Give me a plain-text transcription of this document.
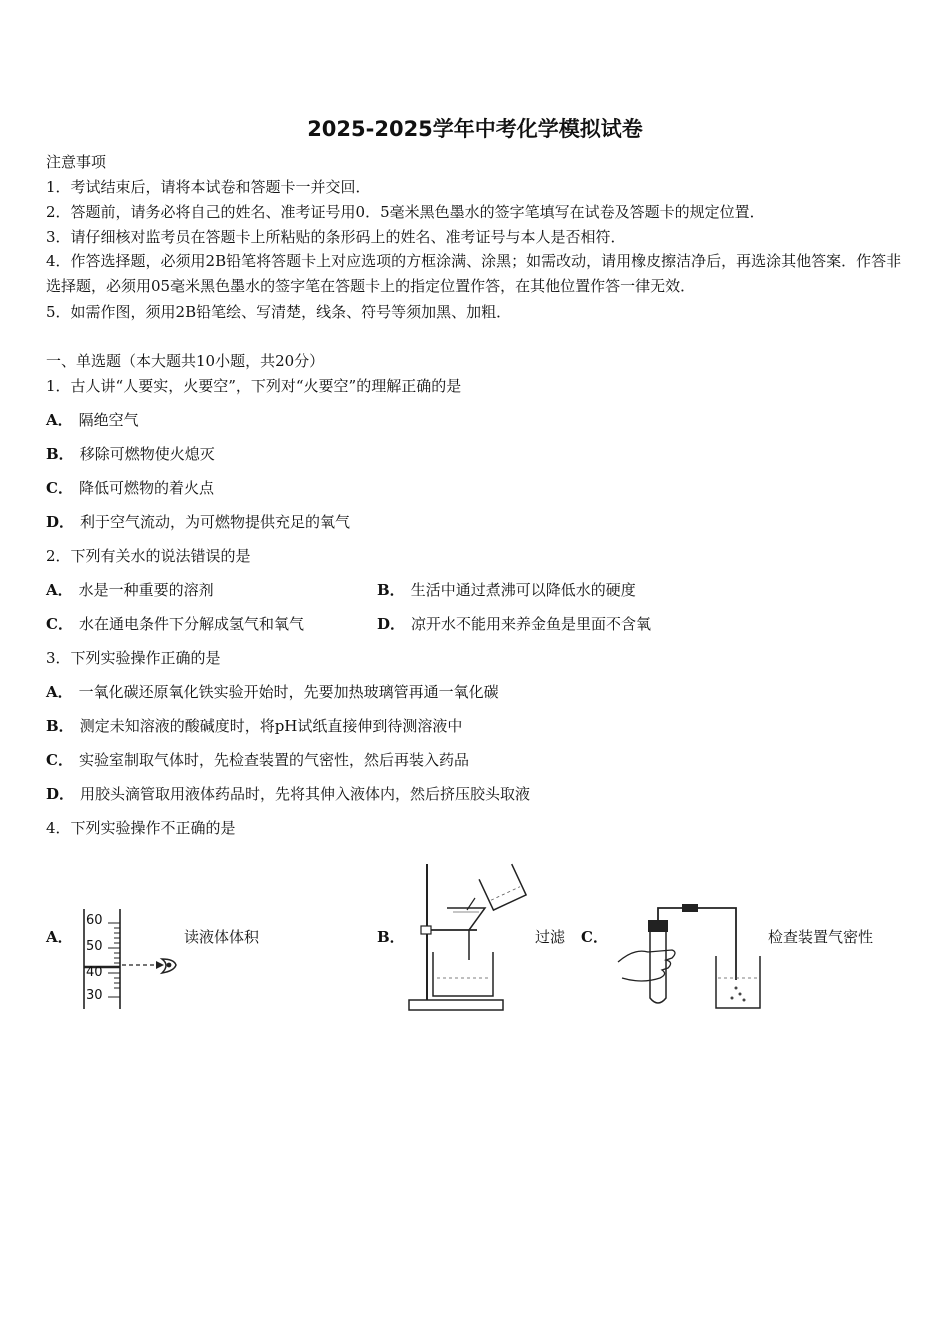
2025-2025学年中考化学模拟试卷
注意事项
1．考试结束后，请将本试卷和答题卡一并交回．
2．答题前，请务必将自己的姓名、准考证号用0．5毫米黑色墨水的签字笔填写在试卷及答题卡的规定位置．
3．请仔细核对监考员在答题卡上所粘贴的条形码上的姓名、准考证号与本人是否相符．
4．作答选择题，必须用2B铅笔将答题卡上对应选项的方框涂满、涂黑；如需改动，请用橡皮擦洁净后，再选涂其他答案．作答非选择题，必须用05毫米黑色墨水的签字笔在答题卡上的指定位置作答，在其他位置作答一律无效．
5．如需作图，须用2B铅笔绘、写清楚，线条、符号等须加黑、加粗．
一、单选题（本大题共10小题，共20分）
1．古人讲“人要实，火要空”，下列对“火要空”的理解正确的是
A． 隔绝空气
B． 移除可燃物使火熄灭
C． 降低可燃物的着火点
D． 利于空气流动，为可燃物提供充足的氧气
2．下列有关水的说法错误的是
A． 水是一种重要的溶剂	B． 生活中通过煮沸可以降低水的硬度
C． 水在通电条件下分解成氢气和氧气	D． 凉开水不能用来养金鱼是里面不含氧
3．下列实验操作正确的是
A． 一氧化碳还原氧化铁实验开始时，先要加热玻璃管再通一氧化碳
B． 测定未知溶液的酸碱度时，将pH试纸直接伸到待测溶液中
C． 实验室制取气体时，先检查装置的气密性，然后再装入药品
D． 用胶头滴管取用液体药品时，先将其伸入液体内，然后挤压胶头取液
4．下列实验操作不正确的是
A．
60
50
40
30
读液体体积	B．	过滤 C．	检查装置气密性
